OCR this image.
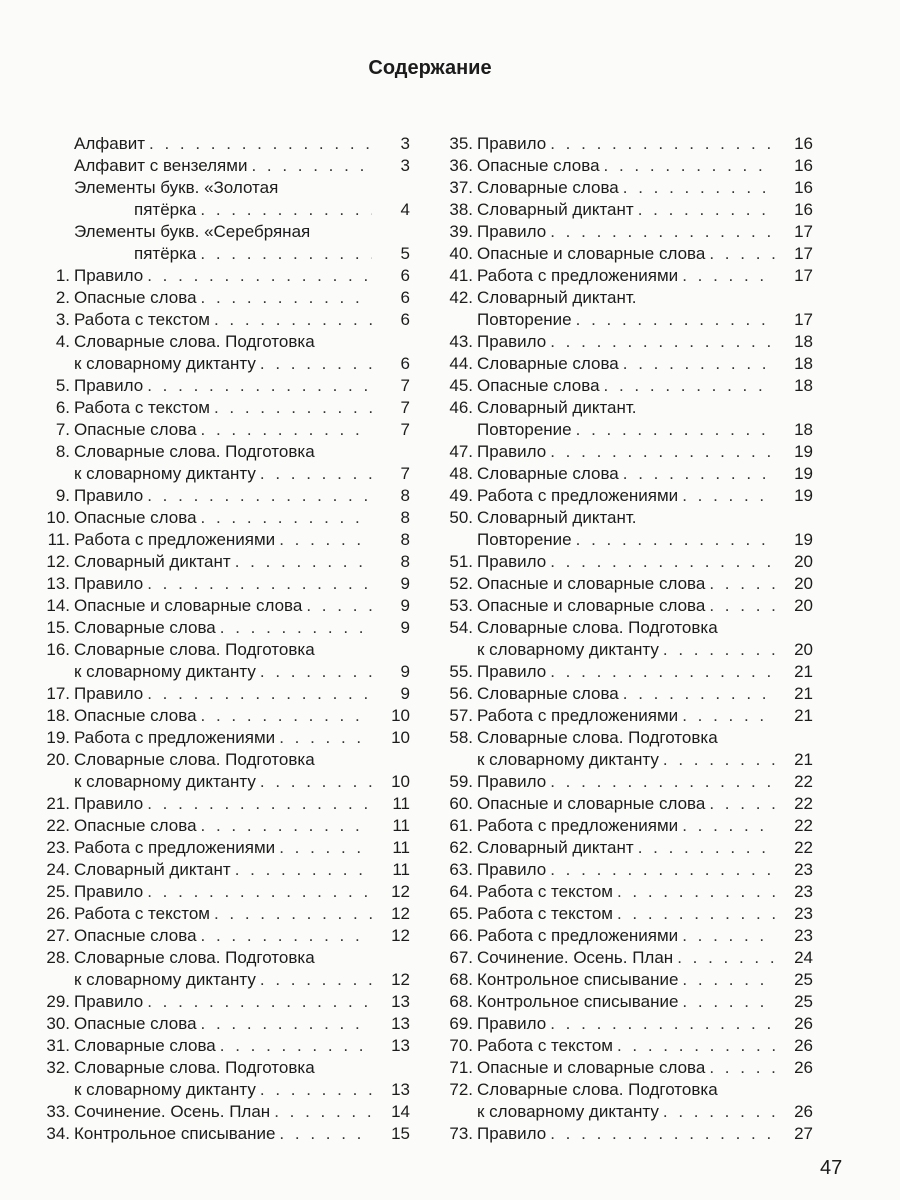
Содержание
Алфавит . . .	3
Алфавит с вензелями . . .	3
Элементы букв. «Золотая
пятёрка . . .	4
Элементы букв. «Серебряная
пятёрка . . .	5
1. Правило . . .	6
2. Опасные слова . . .	6
3. Работа с текстом . . .	6
4. Словарные слова. Подготовка
к словарному диктанту . . .	6
5. Правило . . .	7
6. Работа с текстом . . .	7
7. Опасные слова . . .	7
8. Словарные слова. Подготовка
к словарному диктанту . . .	7
9. Правило . . .	8
10. Опасные слова . . .	8
11. Работа с предложениями . . .	8
12. Словарный диктант . . .	8
13. Правило . . .	9
14. Опасные и словарные слова . . .	9
15. Словарные слова . . .	9
16. Словарные слова. Подготовка
к словарному диктанту . . .	9
17. Правило . . .	9
18. Опасные слова . . .	10
19. Работа с предложениями . . .	10
20. Словарные слова. Подготовка
к словарному диктанту . . .	10
21. Правило . . .	11
22. Опасные слова . . .	11
23. Работа с предложениями . . .	11
24. Словарный диктант . . .	11
25. Правило . . .	12
26. Работа с текстом . . .	12
27. Опасные слова . . .	12
28. Словарные слова. Подготовка
к словарному диктанту . . .	12
29. Правило . . .	13
30. Опасные слова . . .	13
31. Словарные слова . . .	13
32. Словарные слова. Подготовка
к словарному диктанту . . .	13
33. Сочинение. Осень. План . . .	14
34. Контрольное списывание . . .	15
35. Правило . . .	16
36. Опасные слова . . .	16
37. Словарные слова . . .	16
38. Словарный диктант . . .	16
39. Правило . . .	17
40. Опасные и словарные слова . . .	17
41. Работа с предложениями . . .	17
42. Словарный диктант.
Повторение . . .	17
43. Правило . . .	18
44. Словарные слова . . .	18
45. Опасные слова . . .	18
46. Словарный диктант.
Повторение . . .	18
47. Правило . . .	19
48. Словарные слова . . .	19
49. Работа с предложениями . . .	19
50. Словарный диктант.
Повторение . . .	19
51. Правило . . .	20
52. Опасные и словарные слова . . .	20
53. Опасные и словарные слова . . .	20
54. Словарные слова. Подготовка
к словарному диктанту . . .	20
55. Правило . . .	21
56. Словарные слова . . .	21
57. Работа с предложениями . . .	21
58. Словарные слова. Подготовка
к словарному диктанту . . .	21
59. Правило . . .	22
60. Опасные и словарные слова . . .	22
61. Работа с предложениями . . .	22
62. Словарный диктант . . .	22
63. Правило . . .	23
64. Работа с текстом . . .	23
65. Работа с текстом . . .	23
66. Работа с предложениями . . .	23
67. Сочинение. Осень. План . . .	24
68. Контрольное списывание . . .	25
68. Контрольное списывание . . .	25
69. Правило . . .	26
70. Работа с текстом . . .	26
71. Опасные и словарные слова . . .	26
72. Словарные слова. Подготовка
к словарному диктанту . . .	26
73. Правило . . .	27
47
